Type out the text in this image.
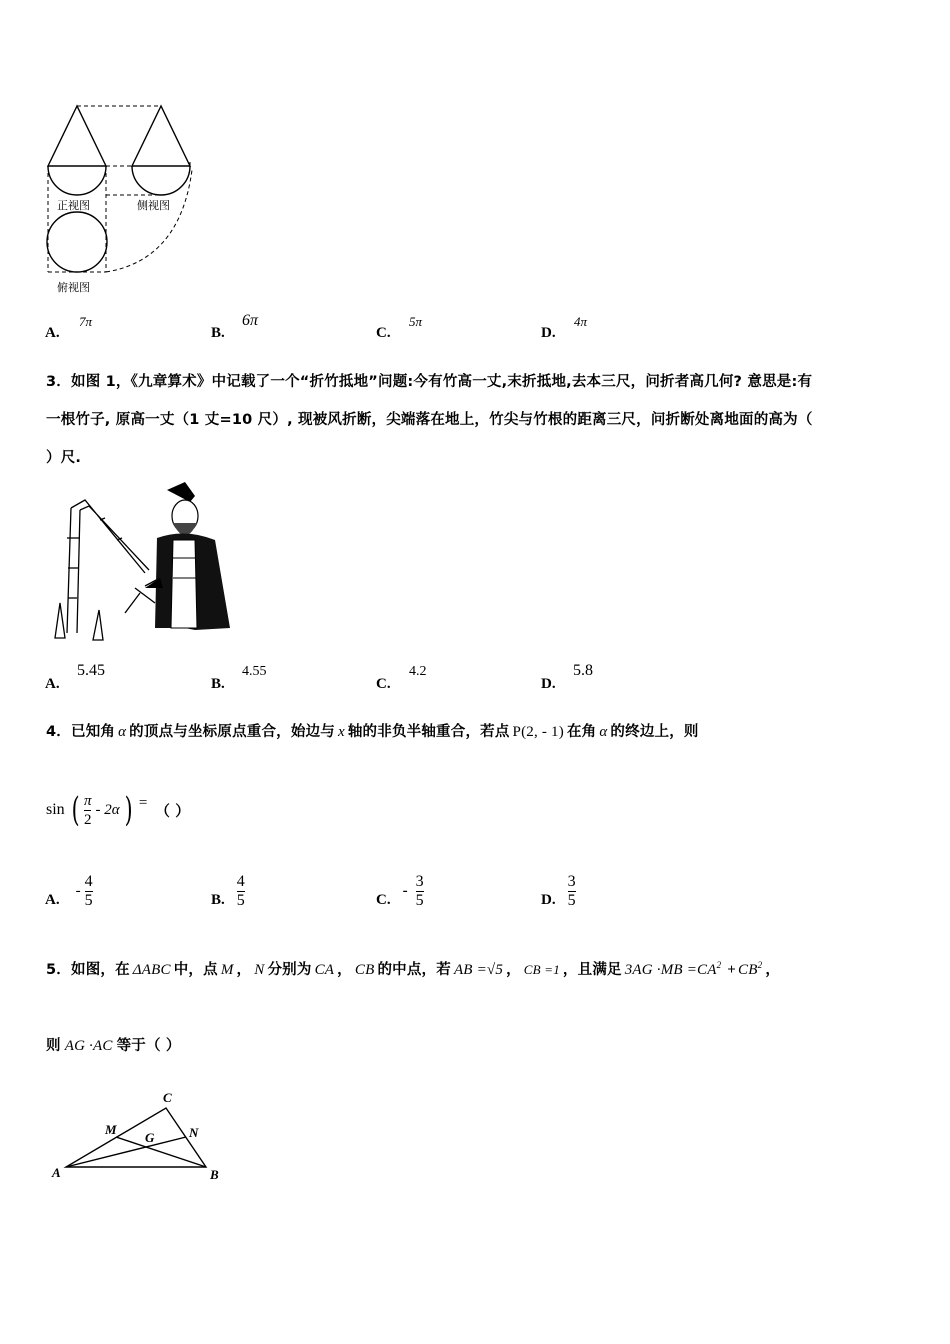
正视图	侧视图
俯视图
A.
7π
B.
6π
C.
5π
D.
4π
3．如图 1，《九章算术》中记载了一个“折竹抵地”问题:今有竹高一丈,末折抵地,去本三尺，问折者高几何? 意思是:有
一根竹子, 原高一丈（1 丈=10 尺）, 现被风折断，尖端落在地上，竹尖与竹根的距离三尺，问折断处离地面的高为（
）尺.
A.
5.45
B.
4.55
C.
4.2
D.
5.8
4．已知角 α 的顶点与坐标原点重合，始边与 x 轴的非负半轴重合，若点 P(2, - 1) 在角 α 的终边上，则
sin ( $\frac{\pi}{2} - 2\alpha$ ) =
（ ）
A.
- $\frac{4}{5}$	B. $\frac{4}{5}$	C.
- $\frac{3}{5}$	D. $\frac{3}{5}$
5．如图，在 ΔABC 中，点 M ， N 分别为 CA ， CB 的中点，若 AB =√5 ， CB =1 ，且满足 $3AG \cdot MB =CA^2 + CB^2$ ，
则 AG ·AC 等于（ ）
A	B
C
M	N
G
